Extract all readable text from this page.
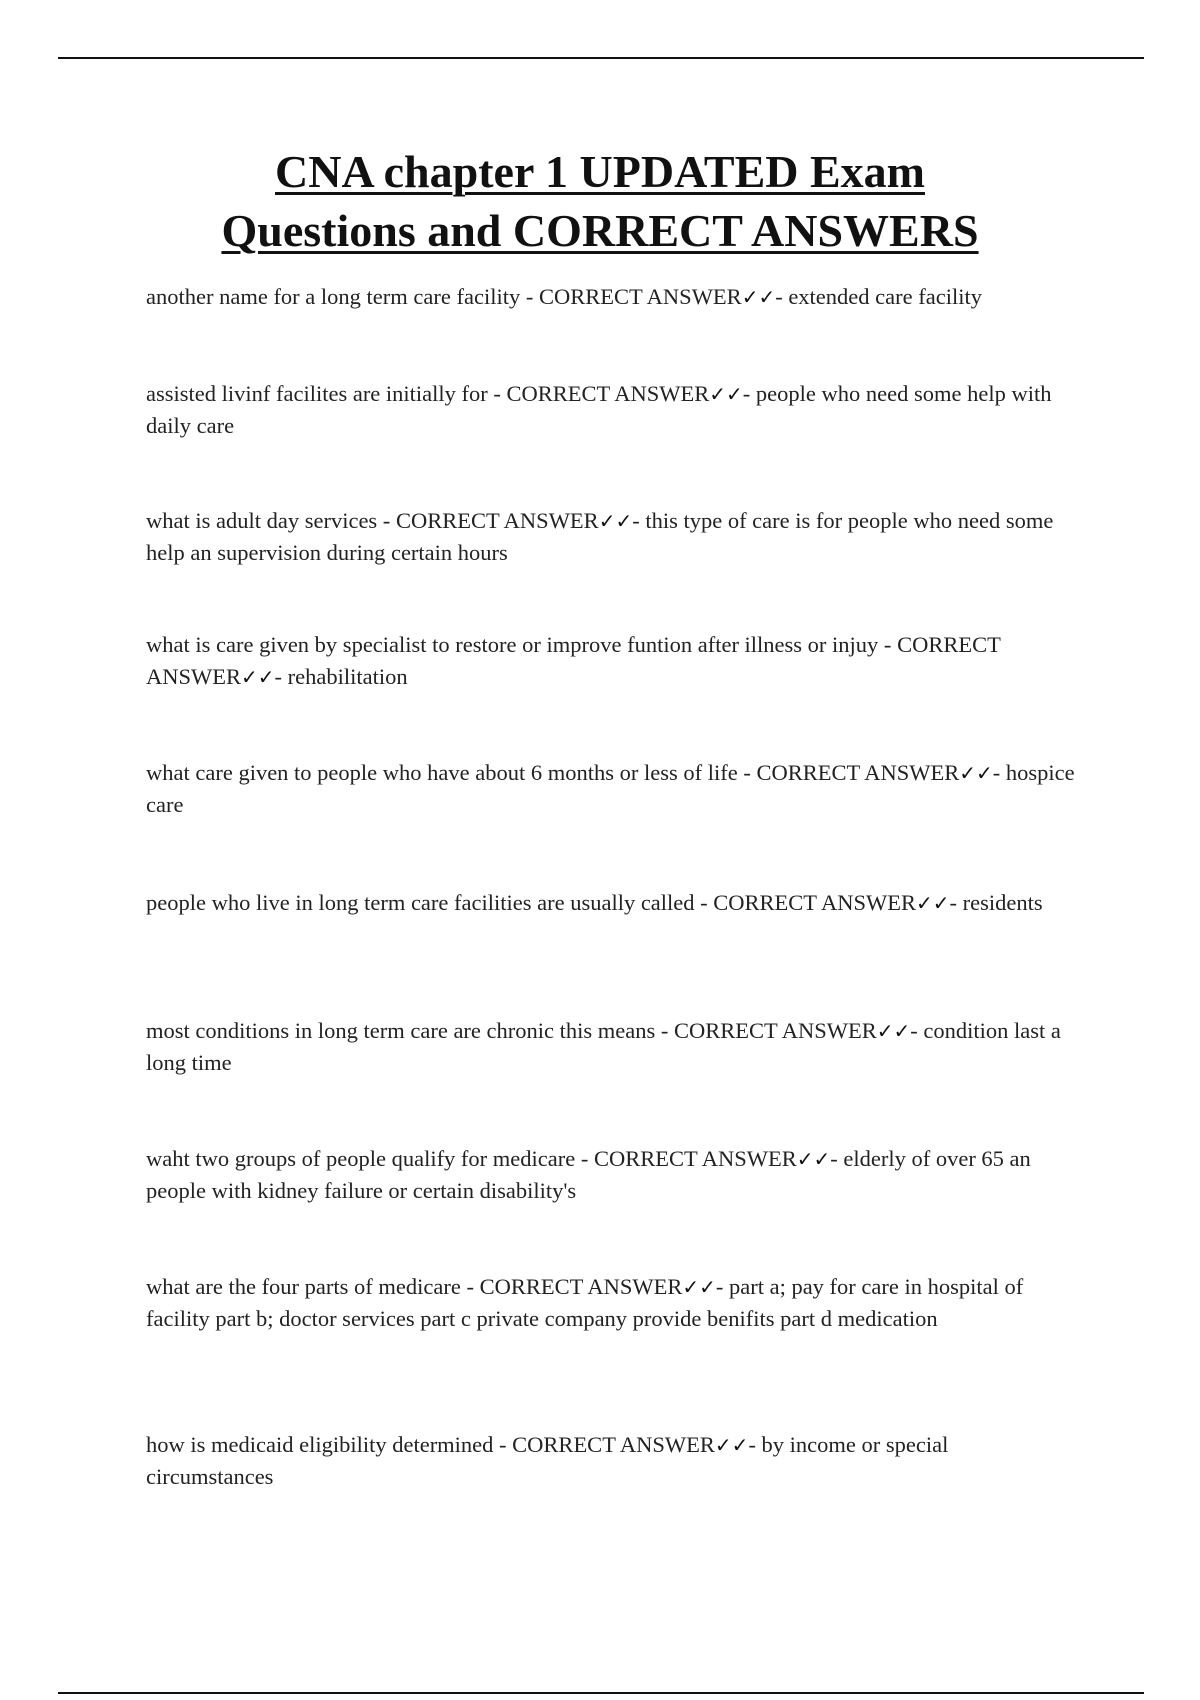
CNA chapter 1 UPDATED Exam
Questions and CORRECT ANSWERS

another name for a long term care facility - CORRECT ANSWER✓✓- extended care facility

assisted livinf facilites are initially for - CORRECT ANSWER✓✓- people who need some help with daily care

what is adult day services - CORRECT ANSWER✓✓- this type of care is for people who need some help an supervision during certain hours

what is care given by specialist to restore or improve funtion after illness or injuy - CORRECT ANSWER✓✓- rehabilitation

what care given to people who have about 6 months or less of life - CORRECT ANSWER✓✓- hospice care

people who live in long term care facilities are usually called - CORRECT ANSWER✓✓- residents

most conditions in long term care are chronic this means - CORRECT ANSWER✓✓- condition last a long time

waht two groups of people qualify for medicare - CORRECT ANSWER✓✓- elderly of over 65 an people with kidney failure or certain disability's

what are the four parts of medicare - CORRECT ANSWER✓✓- part a; pay for care in hospital of facility part b; doctor services part c private company provide benifits part d medication

how is medicaid eligibility determined - CORRECT ANSWER✓✓- by income or special circumstances
